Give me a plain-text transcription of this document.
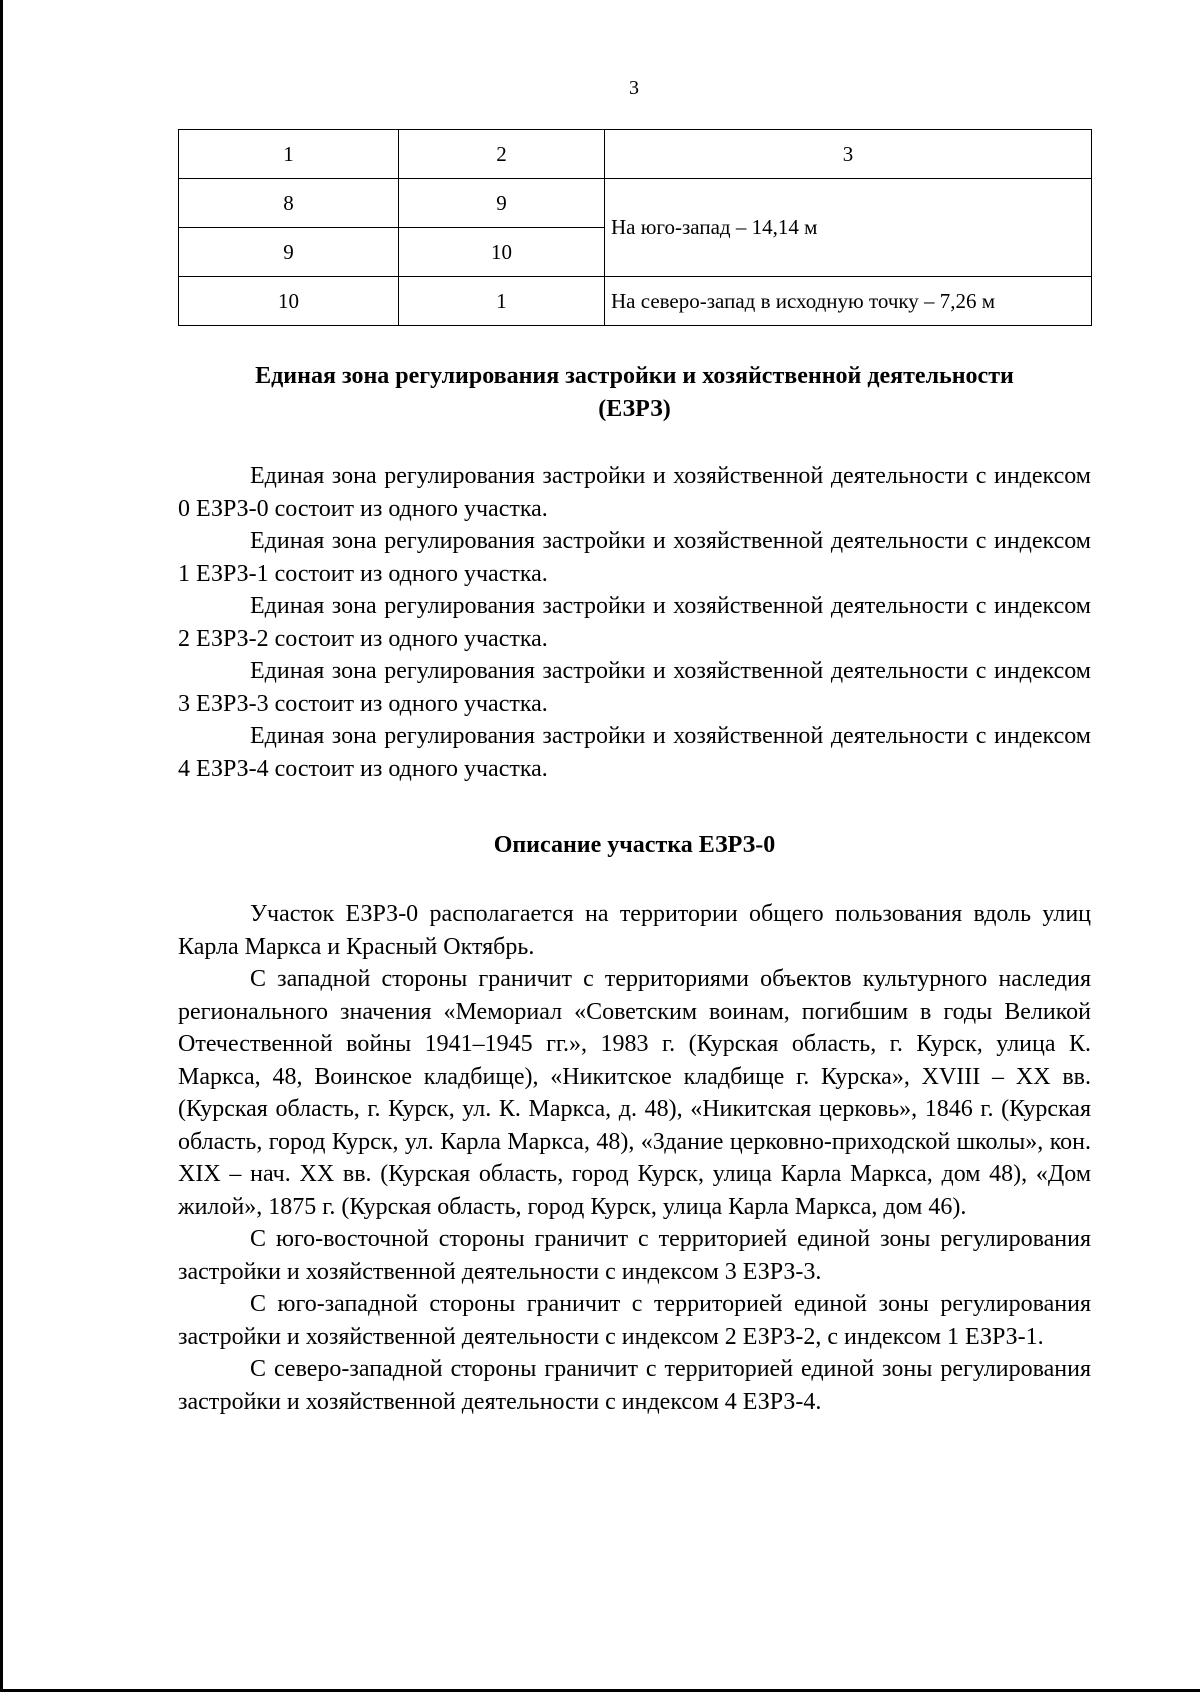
3
1	2	3
8	9	На юго-запад – 14,14 м
9	10	
10	1	На северо-запад в исходную точку – 7,26 м
Единая зона регулирования застройки и хозяйственной деятельности
(ЕЗРЗ)

Единая зона регулирования застройки и хозяйственной деятельности с индексом 0 ЕЗРЗ-0 состоит из одного участка.

Единая зона регулирования застройки и хозяйственной деятельности с индексом 1 ЕЗРЗ-1 состоит из одного участка.

Единая зона регулирования застройки и хозяйственной деятельности с индексом 2 ЕЗРЗ-2 состоит из одного участка.

Единая зона регулирования застройки и хозяйственной деятельности с индексом 3 ЕЗРЗ-3 состоит из одного участка.

Единая зона регулирования застройки и хозяйственной деятельности с индексом 4 ЕЗРЗ-4 состоит из одного участка.

Описание участка ЕЗРЗ-0

Участок ЕЗРЗ-0 располагается на территории общего пользования вдоль улиц Карла Маркса и Красный Октябрь.

С западной стороны граничит с территориями объектов культурного наследия регионального значения «Мемориал «Советским воинам, погибшим в годы Великой Отечественной войны 1941–1945 гг.», 1983 г. (Курская область, г. Курск, улица К. Маркса, 48, Воинское кладбище), «Никитское кладбище г. Курска», XVIII – XX вв. (Курская область, г. Курск, ул. К. Маркса, д. 48), «Никитская церковь», 1846 г. (Курская область, город Курск, ул. Карла Маркса, 48), «Здание церковно-приходской школы», кон. XIX – нач. XX вв. (Курская область, город Курск, улица Карла Маркса, дом 48), «Дом жилой», 1875 г. (Курская область, город Курск, улица Карла Маркса, дом 46).

С юго-восточной стороны граничит с территорией единой зоны регулирования застройки и хозяйственной деятельности с индексом 3 ЕЗРЗ-3.

С юго-западной стороны граничит с территорией единой зоны регулирования застройки и хозяйственной деятельности с индексом 2 ЕЗРЗ-2, с индексом 1 ЕЗРЗ-1.

С северо-западной стороны граничит с территорией единой зоны регулирования застройки и хозяйственной деятельности с индексом 4 ЕЗРЗ-4.
